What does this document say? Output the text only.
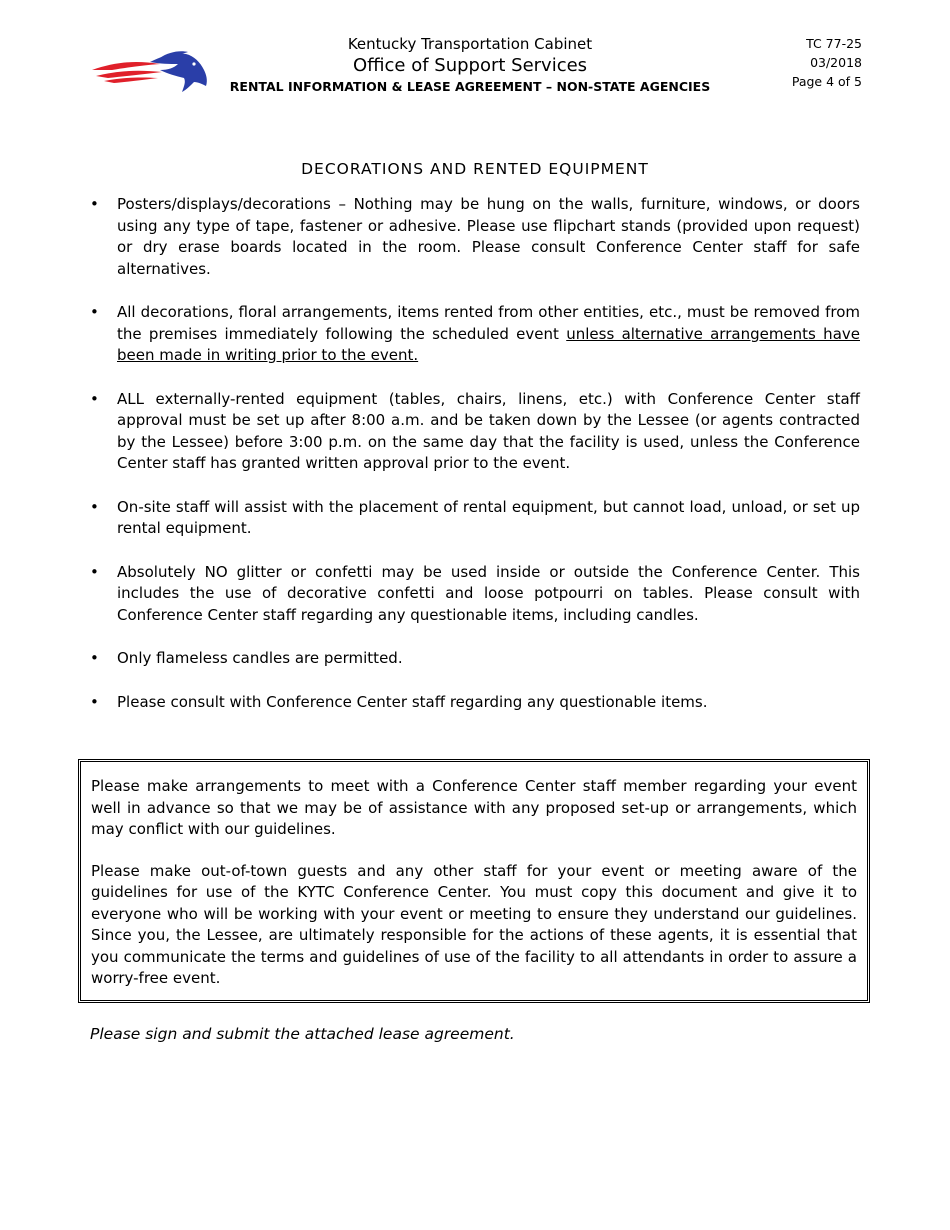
Kentucky Transportation Cabinet
Office of Support Services
RENTAL INFORMATION & LEASE AGREEMENT – NON-STATE AGENCIES
TC 77-25
03/2018
Page 4 of 5
DECORATIONS AND RENTED EQUIPMENT
• Posters/displays/decorations – Nothing may be hung on the walls, furniture, windows, or doors using any type of tape, fastener or adhesive. Please use flipchart stands (provided upon request) or dry erase boards located in the room. Please consult Conference Center staff for safe alternatives.
• All decorations, floral arrangements, items rented from other entities, etc., must be removed from the premises immediately following the scheduled event unless alternative arrangements have been made in writing prior to the event.
• ALL externally-rented equipment (tables, chairs, linens, etc.) with Conference Center staff approval must be set up after 8:00 a.m. and be taken down by the Lessee (or agents contracted by the Lessee) before 3:00 p.m. on the same day that the facility is used, unless the Conference Center staff has granted written approval prior to the event.
• On-site staff will assist with the placement of rental equipment, but cannot load, unload, or set up rental equipment.
• Absolutely NO glitter or confetti may be used inside or outside the Conference Center. This includes the use of decorative confetti and loose potpourri on tables. Please consult with Conference Center staff regarding any questionable items, including candles.
• Only flameless candles are permitted.
• Please consult with Conference Center staff regarding any questionable items.

Please make arrangements to meet with a Conference Center staff member regarding your event well in advance so that we may be of assistance with any proposed set-up or arrangements, which may conflict with our guidelines.

Please make out-of-town guests and any other staff for your event or meeting aware of the guidelines for use of the KYTC Conference Center. You must copy this document and give it to everyone who will be working with your event or meeting to ensure they understand our guidelines. Since you, the Lessee, are ultimately responsible for the actions of these agents, it is essential that you communicate the terms and guidelines of use of the facility to all attendants in order to assure a worry-free event.

Please sign and submit the attached lease agreement.
